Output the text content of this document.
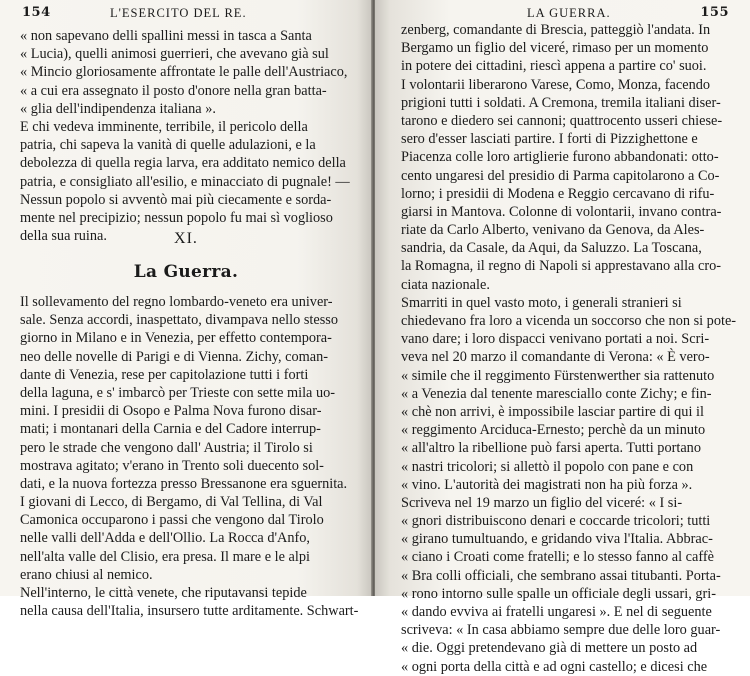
154	L'ESERCITO DEL RE.
« non sapevano delli spallini messi in tasca a Santa
« Lucia), quelli animosi guerrieri, che avevano già sul
« Mincio gloriosamente affrontate le palle dell'Austriaco,
« a cui era assegnato il posto d'onore nella gran batta-
« glia dell'indipendenza italiana ».
E chi vedeva imminente, terribile, il pericolo della
patria, chi sapeva la vanità di quelle adulazioni, e la
debolezza di quella regia larva, era additato nemico della
patria, e consigliato all'esilio, e minacciato di pugnale! —
Nessun popolo si avventò mai più ciecamente e sorda-
mente nel precipizio; nessun popolo fu mai sì voglioso
della sua ruina.	XI.
La Guerra.
Il sollevamento del regno lombardo-veneto era univer-
sale. Senza accordi, inaspettato, divampava nello stesso
giorno in Milano e in Venezia, per effetto contempora-
neo delle novelle di Parigi e di Vienna. Zichy, coman-
dante di Venezia, rese per capitolazione tutti i forti
della laguna, e s' imbarcò per Trieste con sette mila uo-
mini. I presidii di Osopo e Palma Nova furono disar-
mati; i montanari della Carnia e del Cadore interrup-
pero le strade che vengono dall' Austria; il Tirolo si
mostrava agitato; v'erano in Trento soli duecento sol-
dati, e la nuova fortezza presso Bressanone era sguernita.
I giovani di Lecco, di Bergamo, di Val Tellina, di Val
Camonica occuparono i passi che vengono dal Tirolo
nelle valli dell'Adda e dell'Ollio. La Rocca d'Anfo,
nell'alta valle del Clisio, era presa. Il mare e le alpi
erano chiusi al nemico.
Nell'interno, le città venete, che riputavansi tepide
nella causa dell'Italia, insursero tutte arditamente. Schwart-
LA GUERRA.	155
zenberg, comandante di Brescia, patteggiò l'andata. In
Bergamo un figlio del viceré, rimaso per un momento
in potere dei cittadini, riescì appena a partire co' suoi.
I volontarii liberarono Varese, Como, Monza, facendo
prigioni tutti i soldati. A Cremona, tremila italiani diser-
tarono e diedero sei cannoni; quattrocento usseri chiese-
sero d'esser lasciati partire. I forti di Pizzighettone e
Piacenza colle loro artiglierie furono abbandonati: otto-
cento ungaresi del presidio di Parma capitolarono a Co-
lorno; i presidii di Modena e Reggio cercavano di rifu-
giarsi in Mantova. Colonne di volontarii, invano contra-
riate da Carlo Alberto, venivano da Genova, da Ales-
sandria, da Casale, da Aqui, da Saluzzo. La Toscana,
la Romagna, il regno di Napoli si apprestavano alla cro-
ciata nazionale.
Smarriti in quel vasto moto, i generali stranieri si
chiedevano fra loro a vicenda un soccorso che non si pote-
vano dare; i loro dispacci venivano portati a noi. Scri-
veva nel 20 marzo il comandante di Verona: « È vero-
« simile che il reggimento Fürstenwerther sia rattenuto
« a Venezia dal tenente maresciallo conte Zichy; e fin-
« chè non arrivi, è impossibile lasciar partire di qui il
« reggimento Arciduca-Ernesto; perchè da un minuto
« all'altro la ribellione può farsi aperta. Tutti portano
« nastri tricolori; si allettò il popolo con pane e con
« vino. L'autorità dei magistrati non ha più forza ».
Scriveva nel 19 marzo un figlio del viceré: « I si-
« gnori distribuiscono denari e coccarde tricolori; tutti
« girano tumultuando, e gridando viva l'Italia. Abbrac-
« ciano i Croati come fratelli; e lo stesso fanno al caffè
« Bra colli officiali, che sembrano assai titubanti. Porta-
« rono intorno sulle spalle un officiale degli ussari, gri-
« dando evviva ai fratelli ungaresi ». E nel di seguente
scriveva: « In casa abbiamo sempre due delle loro guar-
« die. Oggi pretendevano già di mettere un posto ad
« ogni porta della città e ad ogni castello; e dicesi che
